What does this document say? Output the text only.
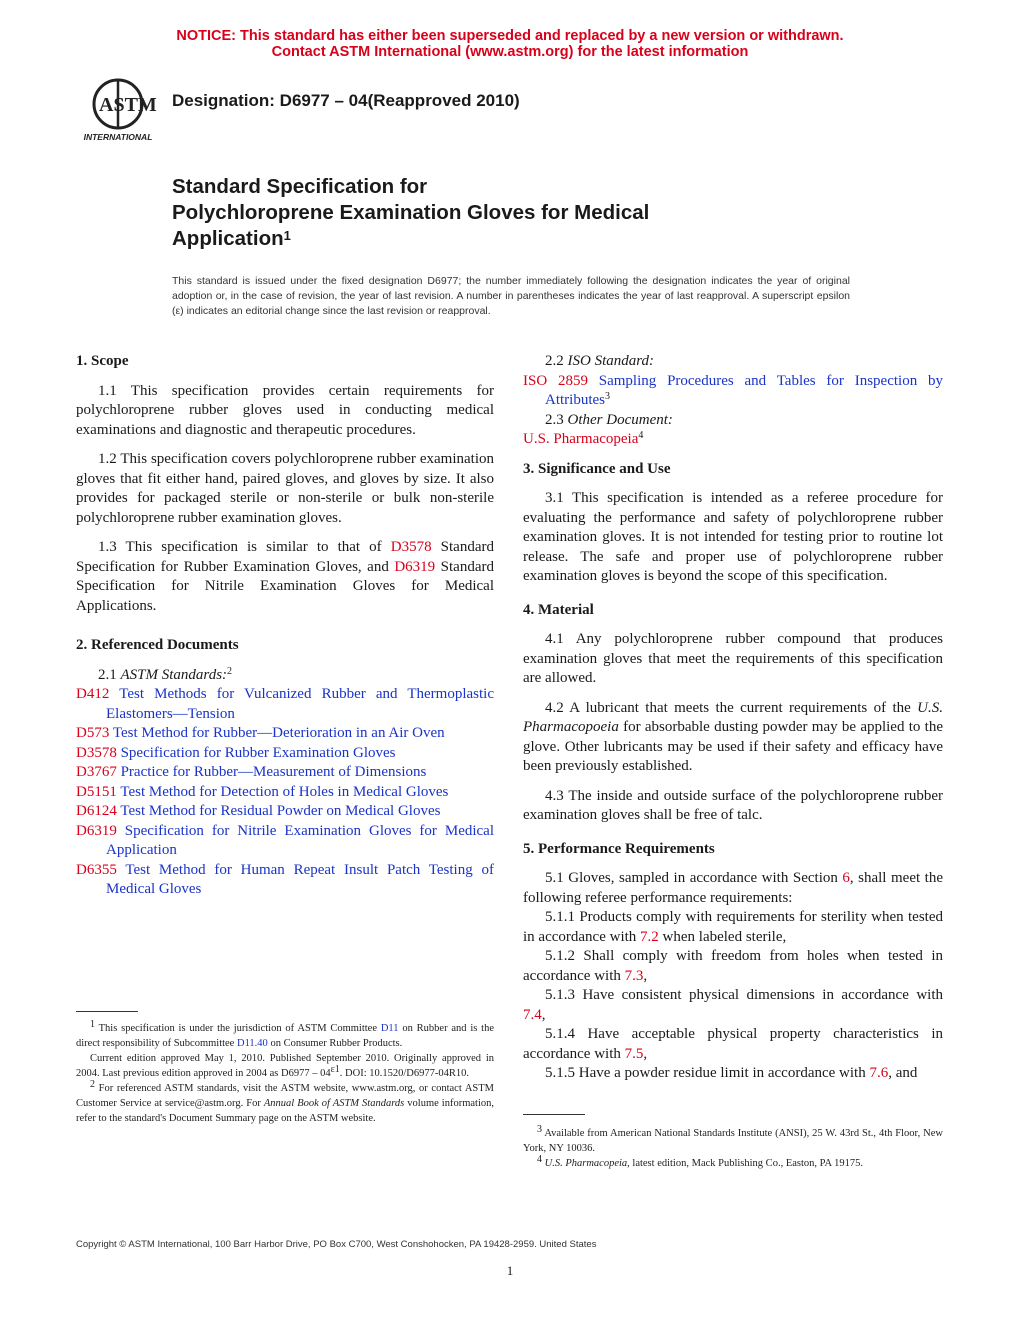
NOTICE: This standard has either been superseded and replaced by a new version or withdrawn.
Contact ASTM International (www.astm.org) for the latest information
ASTM
INTERNATIONAL
Designation: D6977 – 04(Reapproved 2010)
Standard Specification for
Polychloroprene Examination Gloves for Medical
Application$^1$
This standard is issued under the fixed designation D6977; the number immediately following the designation indicates the year of original adoption or, in the case of revision, the year of last revision. A number in parentheses indicates the year of last reapproval. A superscript epsilon (ε) indicates an editorial change since the last revision or reapproval.
1. Scope
1.1 This specification provides certain requirements for polychloroprene rubber gloves used in conducting medical examinations and diagnostic and therapeutic procedures.
1.2 This specification covers polychloroprene rubber examination gloves that fit either hand, paired gloves, and gloves by size. It also provides for packaged sterile or non-sterile or bulk non-sterile polychloroprene rubber examination gloves.
1.3 This specification is similar to that of D3578 Standard Specification for Rubber Examination Gloves, and D6319 Standard Specification for Nitrile Examination Gloves for Medical Applications.
2. Referenced Documents
2.1 ASTM Standards:$^2$
D412 Test Methods for Vulcanized Rubber and Thermoplastic Elastomers—Tension
D573 Test Method for Rubber—Deterioration in an Air Oven
D3578 Specification for Rubber Examination Gloves
D3767 Practice for Rubber—Measurement of Dimensions
D5151 Test Method for Detection of Holes in Medical Gloves
D6124 Test Method for Residual Powder on Medical Gloves
D6319 Specification for Nitrile Examination Gloves for Medical Application
D6355 Test Method for Human Repeat Insult Patch Testing of Medical Gloves

1 This specification is under the jurisdiction of ASTM Committee D11 on Rubber and is the direct responsibility of Subcommittee D11.40 on Consumer Rubber Products.

Current edition approved May 1, 2010. Published September 2010. Originally approved in 2004. Last previous edition approved in 2004 as D6977 – 04ε1. DOI: 10.1520/D6977-04R10.

2 For referenced ASTM standards, visit the ASTM website, www.astm.org, or contact ASTM Customer Service at service@astm.org. For Annual Book of ASTM Standards volume information, refer to the standard's Document Summary page on the ASTM website.

2.2 ISO Standard:
ISO 2859 Sampling Procedures and Tables for Inspection by Attributes$^3$
2.3 Other Document:
U.S. Pharmacopeia$^4$
3. Significance and Use
3.1 This specification is intended as a referee procedure for evaluating the performance and safety of polychloroprene rubber examination gloves. It is not intended for testing prior to routine lot release. The safe and proper use of polychloroprene rubber examination gloves is beyond the scope of this specification.
4. Material
4.1 Any polychloroprene rubber compound that produces examination gloves that meet the requirements of this specification are allowed.
4.2 A lubricant that meets the current requirements of the U.S. Pharmacopoeia for absorbable dusting powder may be applied to the glove. Other lubricants may be used if their safety and efficacy have been previously established.
4.3 The inside and outside surface of the polychloroprene rubber examination gloves shall be free of talc.
5. Performance Requirements
5.1 Gloves, sampled in accordance with Section 6, shall meet the following referee performance requirements:
5.1.1 Products comply with requirements for sterility when tested in accordance with 7.2 when labeled sterile,
5.1.2 Shall comply with freedom from holes when tested in accordance with 7.3,
5.1.3 Have consistent physical dimensions in accordance with 7.4,
5.1.4 Have acceptable physical property characteristics in accordance with 7.5,
5.1.5 Have a powder residue limit in accordance with 7.6, and

3 Available from American National Standards Institute (ANSI), 25 W. 43rd St., 4th Floor, New York, NY 10036.

4 U.S. Pharmacopeia, latest edition, Mack Publishing Co., Easton, PA 19175.

Copyright © ASTM International, 100 Barr Harbor Drive, PO Box C700, West Conshohocken, PA 19428-2959. United States
1
